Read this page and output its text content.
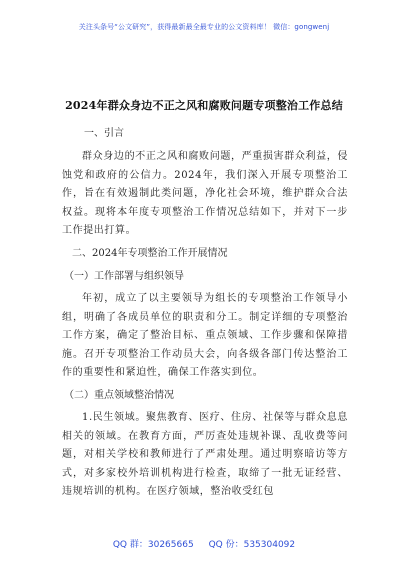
关注头条号“公文研究”，获得最新最全最专业的公文资料库！ 微信：gongwenj
2024年群众身边不正之风和腐败问题专项整治工作总结
一、引言

群众身边的不正之风和腐败问题，严重损害群众利益，侵蚀党和政府的公信力。2024年，我们深入开展专项整治工作，旨在有效遏制此类问题，净化社会环境，维护群众合法权益。现将本年度专项整治工作情况总结如下，并对下一步工作提出打算。

二、2024年专项整治工作开展情况
（一）工作部署与组织领导

年初，成立了以主要领导为组长的专项整治工作领导小组，明确了各成员单位的职责和分工。制定详细的专项整治工作方案，确定了整治目标、重点领域、工作步骤和保障措施。召开专项整治工作动员大会，向各级各部门传达整治工作的重要性和紧迫性，确保工作落实到位。

（二）重点领域整治情况

1.民生领域。聚焦教育、医疗、住房、社保等与群众息息相关的领域。在教育方面，严厉查处违规补课、乱收费等问题，对相关学校和教师进行了严肃处理。通过明察暗访等方式，对多家校外培训机构进行检查，取缔了一批无证经营、违规培训的机构。在医疗领域，整治收受红包

QQ 群：30265665 QQ 份：535304092
